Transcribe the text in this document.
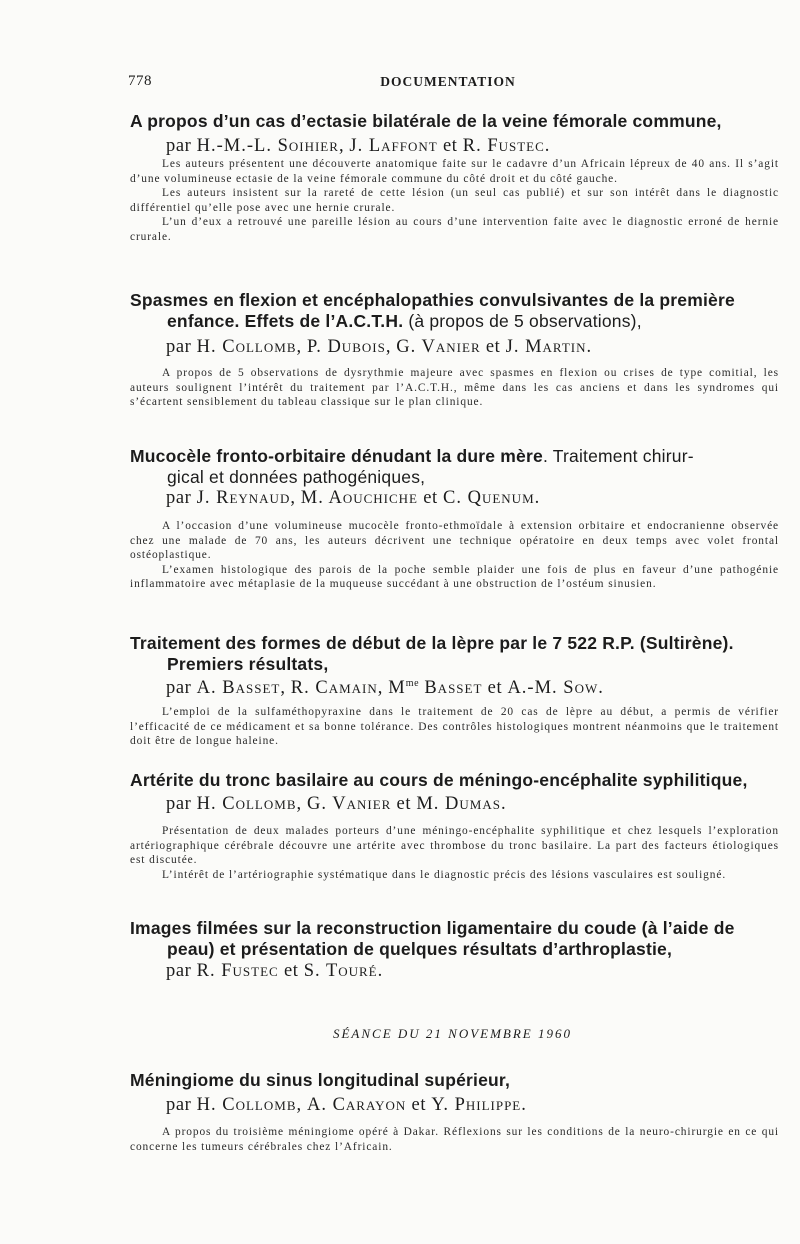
778	DOCUMENTATION
A propos d’un cas d’ectasie bilatérale de la veine fémorale commune,
par H.-M.-L. Soihier, J. Laffont et R. Fustec.

Les auteurs présentent une découverte anatomique faite sur le cadavre d’un Africain lépreux de 40 ans. Il s’agit d’une volumineuse ectasie de la veine fémorale commune du côté droit et du côté gauche.

Les auteurs insistent sur la rareté de cette lésion (un seul cas publié) et sur son intérêt dans le diagnostic différentiel qu’elle pose avec une hernie crurale.

L’un d’eux a retrouvé une pareille lésion au cours d’une intervention faite avec le diagnostic erroné de hernie crurale.

Spasmes en flexion et encéphalopathies convulsivantes de la première
enfance. Effets de l’A.C.T.H. (à propos de 5 observations),
par H. Collomb, P. Dubois, G. Vanier et J. Martin.

A propos de 5 observations de dysrythmie majeure avec spasmes en flexion ou crises de type comitial, les auteurs soulignent l’intérêt du traitement par l’A.C.T.H., même dans les cas anciens et dans les syndromes qui s’écartent sensiblement du tableau classique sur le plan clinique.

Mucocèle fronto-orbitaire dénudant la dure mère. Traitement chirur-
gical et données pathogéniques,
par J. Reynaud, M. Aouchiche et C. Quenum.

A l’occasion d’une volumineuse mucocèle fronto-ethmoïdale à extension orbitaire et endocranienne observée chez une malade de 70 ans, les auteurs décrivent une technique opératoire en deux temps avec volet frontal ostéoplastique.

L’examen histologique des parois de la poche semble plaider une fois de plus en faveur d’une pathogénie inflammatoire avec métaplasie de la muqueuse succédant à une obstruction de l’ostéum sinusien.

Traitement des formes de début de la lèpre par le 7 522 R.P. (Sultirène).
Premiers résultats,
par A. Basset, R. Camain, $M^{me}$ Basset et A.-M. Sow.

L’emploi de la sulfaméthopyraxine dans le traitement de 20 cas de lèpre au début, a permis de vérifier l’efficacité de ce médicament et sa bonne tolérance. Des contrôles histologiques montrent néanmoins que le traitement doit être de longue haleine.

Artérite du tronc basilaire au cours de méningo-encéphalite syphilitique,
par H. Collomb, G. Vanier et M. Dumas.

Présentation de deux malades porteurs d’une méningo-encéphalite syphilitique et chez lesquels l’exploration artériographique cérébrale découvre une artérite avec thrombose du tronc basilaire. La part des facteurs étiologiques est discutée.

L’intérêt de l’artériographie systématique dans le diagnostic précis des lésions vasculaires est souligné.

Images filmées sur la reconstruction ligamentaire du coude (à l’aide de
peau) et présentation de quelques résultats d’arthroplastie,
par R. Fustec et S. Touré.
SÉANCE DU 21 NOVEMBRE 1960
Méningiome du sinus longitudinal supérieur,
par H. Collomb, A. Carayon et Y. Philippe.

A propos du troisième méningiome opéré à Dakar. Réflexions sur les conditions de la neuro-chirurgie en ce qui concerne les tumeurs cérébrales chez l’Africain.
